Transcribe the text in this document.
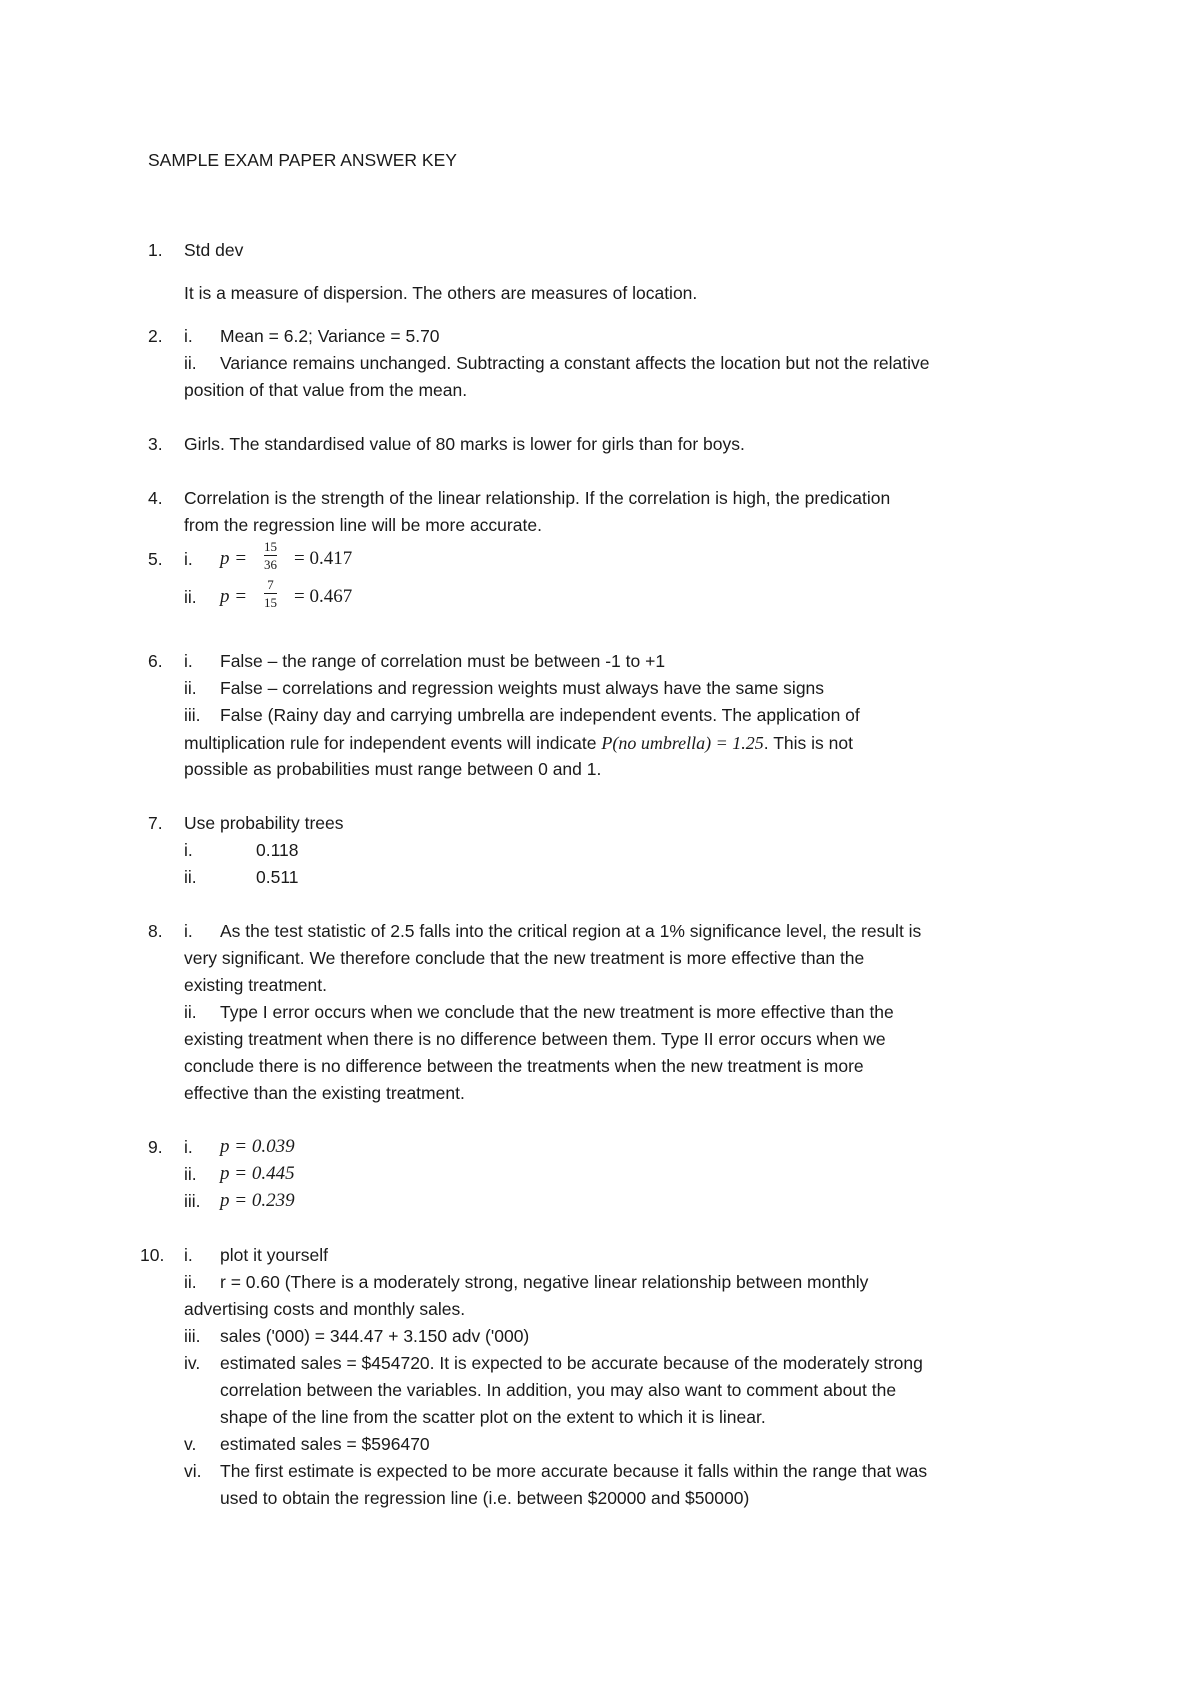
SAMPLE EXAM PAPER ANSWER KEY
1. Std dev
It is a measure of dispersion. The others are measures of location.
2. i. Mean = 6.2; Variance = 5.70
ii. Variance remains unchanged. Subtracting a constant affects the location but not the relative
position of that value from the mean.
3. Girls. The standardised value of 80 marks is lower for girls than for boys.
4. Correlation is the strength of the linear relationship. If the correlation is high, the predication
from the regression line will be more accurate.
5. i. p =
15
36 = 0.417
ii. p =
7
15 = 0.467
6. i. False – the range of correlation must be between -1 to +1
ii. False – correlations and regression weights must always have the same signs
iii. False (Rainy day and carrying umbrella are independent events. The application of
multiplication rule for independent events will indicate P(no umbrella) = 1.25. This is not
possible as probabilities must range between 0 and 1.
7. Use probability trees
i.	0.118
ii.	0.511
8. i. As the test statistic of 2.5 falls into the critical region at a 1% significance level, the result is
very significant. We therefore conclude that the new treatment is more effective than the
existing treatment.
ii. Type I error occurs when we conclude that the new treatment is more effective than the
existing treatment when there is no difference between them. Type II error occurs when we
conclude there is no difference between the treatments when the new treatment is more
effective than the existing treatment.
9. i. p = 0.039
ii. p = 0.445
iii. p = 0.239
10. i. plot it yourself
ii. r = 0.60 (There is a moderately strong, negative linear relationship between monthly
advertising costs and monthly sales.
iii. sales ('000) = 344.47 + 3.150 adv ('000)
iv. estimated sales = $454720. It is expected to be accurate because of the moderately strong
correlation between the variables. In addition, you may also want to comment about the
shape of the line from the scatter plot on the extent to which it is linear.
v. estimated sales = $596470
vi. The first estimate is expected to be more accurate because it falls within the range that was
used to obtain the regression line (i.e. between $20000 and $50000)
